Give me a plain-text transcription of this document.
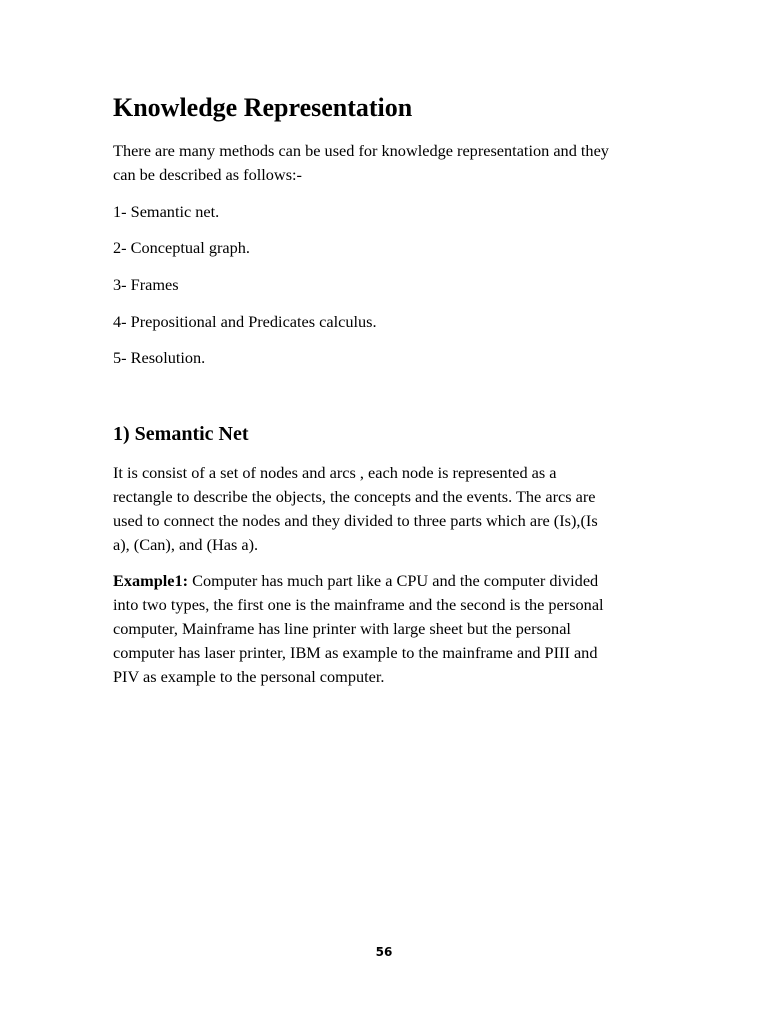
Knowledge Representation

There are many methods can be used for knowledge representation and they
can be described as follows:-

1- Semantic net.

2- Conceptual graph.

3- Frames

4- Prepositional and Predicates calculus.

5- Resolution.

1) Semantic Net

It is consist of a set of nodes and arcs , each node is represented as a
rectangle to describe the objects, the concepts and the events. The arcs are
used to connect the nodes and they divided to three parts which are (Is),(Is
a), (Can), and (Has a).

Example1: Computer has much part like a CPU and the computer divided
into two types, the first one is the mainframe and the second is the personal
computer, Mainframe has line printer with large sheet but the personal
computer has laser printer, IBM as example to the mainframe and PIII and
PIV as example to the personal computer.

56
